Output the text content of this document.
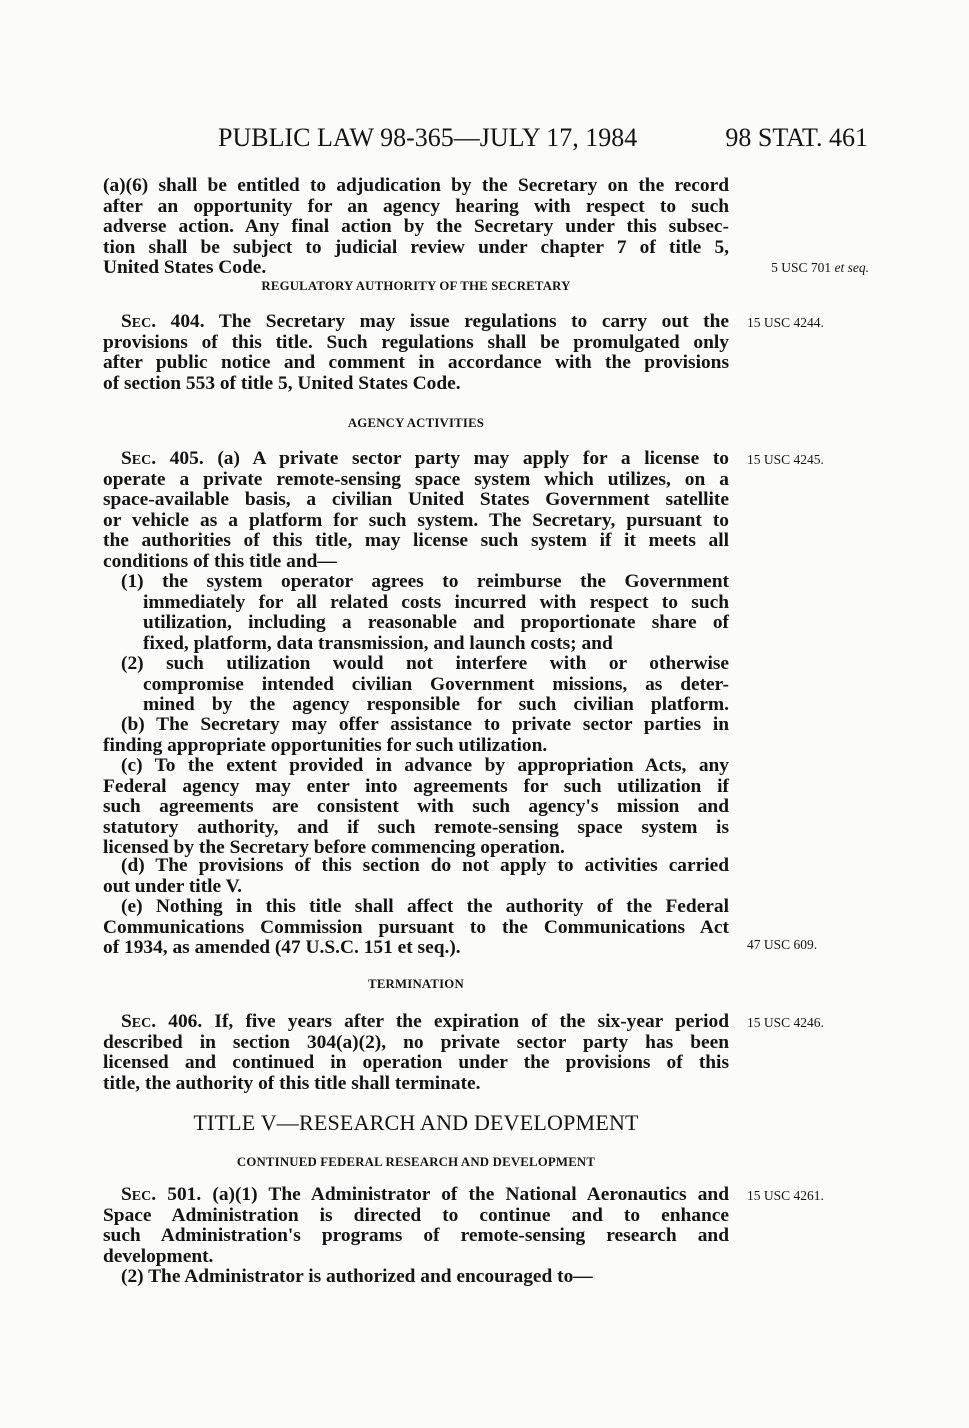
PUBLIC LAW 98-365—JULY 17, 1984	98 STAT. 461
(a)(6) shall be entitled to adjudication by the Secretary on the record
after an opportunity for an agency hearing with respect to such
adverse action. Any final action by the Secretary under this subsec-
tion shall be subject to judicial review under chapter 7 of title 5,
United States Code.
REGULATORY AUTHORITY OF THE SECRETARY
Sec. 404. The Secretary may issue regulations to carry out the
provisions of this title. Such regulations shall be promulgated only
after public notice and comment in accordance with the provisions
of section 553 of title 5, United States Code.
AGENCY ACTIVITIES
Sec. 405. (a) A private sector party may apply for a license to
operate a private remote-sensing space system which utilizes, on a
space-available basis, a civilian United States Government satellite
or vehicle as a platform for such system. The Secretary, pursuant to
the authorities of this title, may license such system if it meets all
conditions of this title and—
(1) the system operator agrees to reimburse the Government
immediately for all related costs incurred with respect to such
utilization, including a reasonable and proportionate share of
fixed, platform, data transmission, and launch costs; and
(2) such utilization would not interfere with or otherwise
compromise intended civilian Government missions, as deter-
mined by the agency responsible for such civilian platform.
(b) The Secretary may offer assistance to private sector parties in
finding appropriate opportunities for such utilization.
(c) To the extent provided in advance by appropriation Acts, any
Federal agency may enter into agreements for such utilization if
such agreements are consistent with such agency's mission and
statutory authority, and if such remote-sensing space system is
licensed by the Secretary before commencing operation.
(d) The provisions of this section do not apply to activities carried
out under title V.
(e) Nothing in this title shall affect the authority of the Federal
Communications Commission pursuant to the Communications Act
of 1934, as amended (47 U.S.C. 151 et seq.).
TERMINATION
Sec. 406. If, five years after the expiration of the six-year period
described in section 304(a)(2), no private sector party has been
licensed and continued in operation under the provisions of this
title, the authority of this title shall terminate.
TITLE V—RESEARCH AND DEVELOPMENT
CONTINUED FEDERAL RESEARCH AND DEVELOPMENT
Sec. 501. (a)(1) The Administrator of the National Aeronautics and
Space Administration is directed to continue and to enhance
such Administration's programs of remote-sensing research and
development.
(2) The Administrator is authorized and encouraged to—
5 USC 701 et seq.
15 USC 4244.
15 USC 4245.
47 USC 609.
15 USC 4246.
15 USC 4261.
